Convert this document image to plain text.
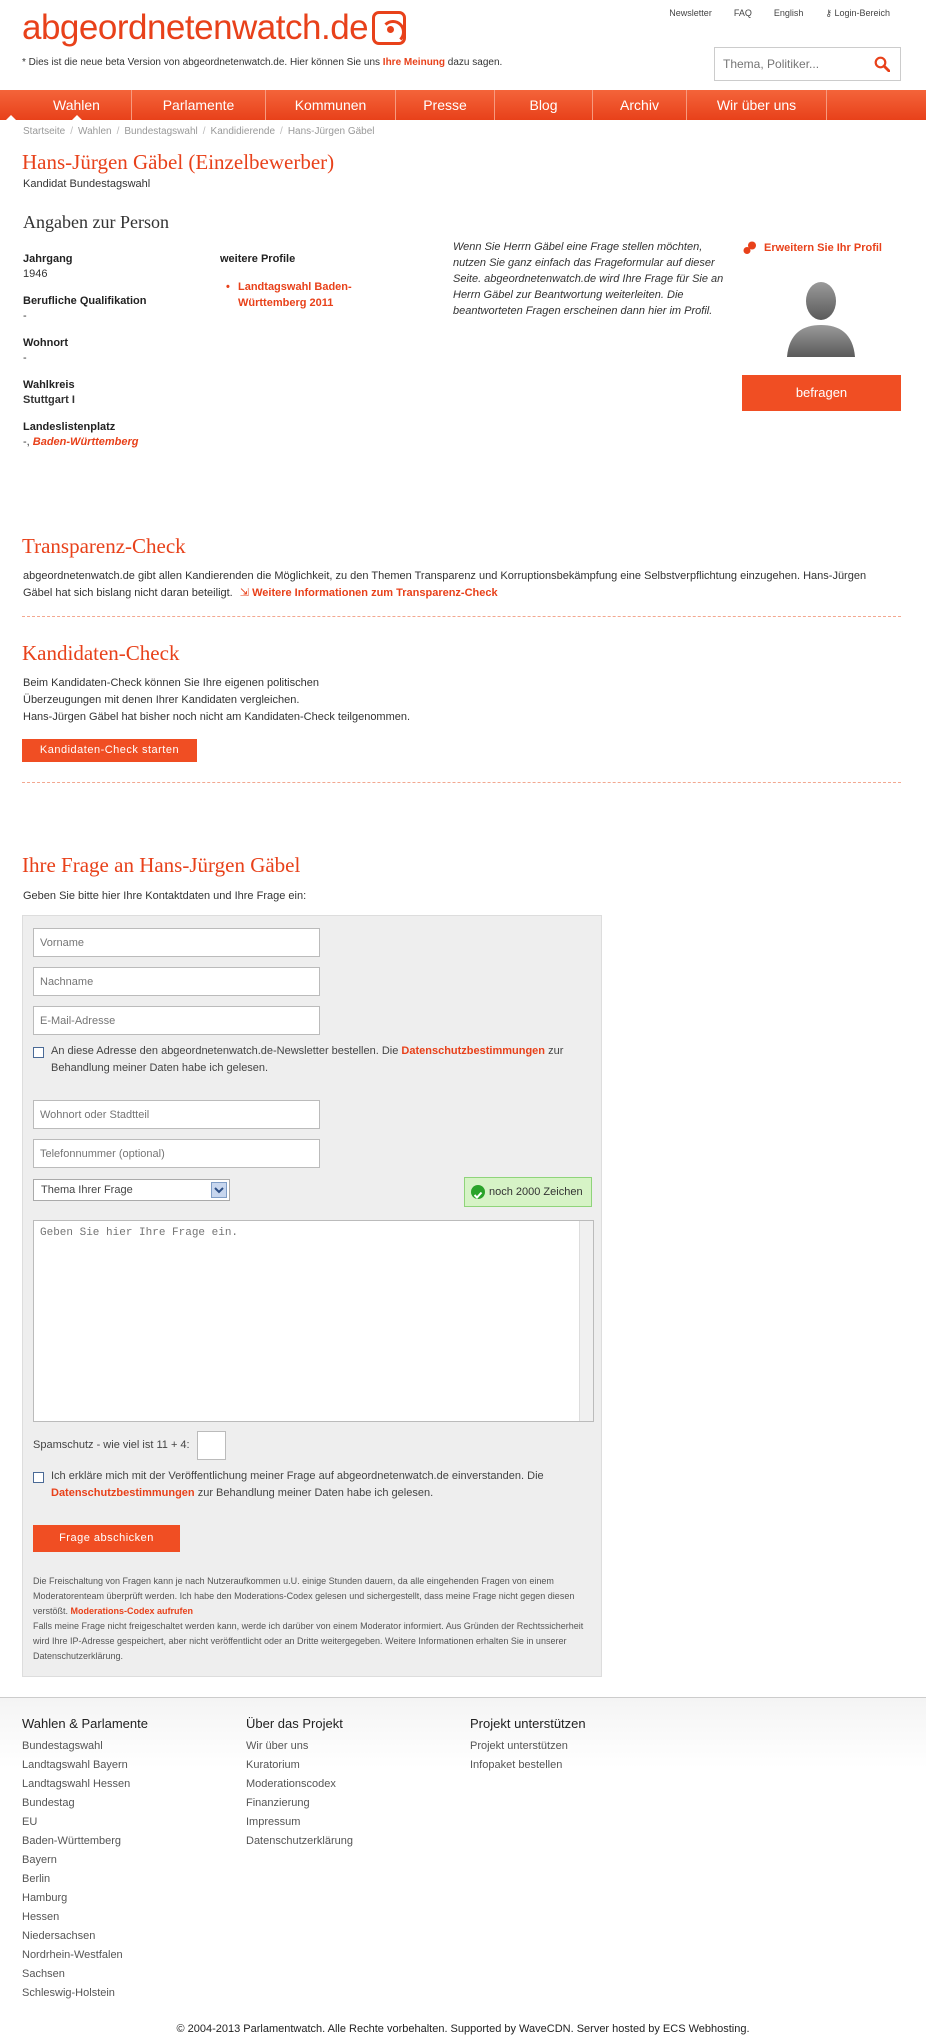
abgeordnetenwatch.de
* Dies ist die neue beta Version von abgeordnetenwatch.de. Hier können Sie uns Ihre Meinung dazu sagen.
Newsletter FAQ English ⚷ Login-Bereich
Thema, Politiker...
Wahlen	Parlamente	Kommunen	Presse	Blog	Archiv	Wir über uns
Startseite / Wahlen / Bundestagswahl / Kandidierende / Hans-Jürgen Gäbel
Hans-Jürgen Gäbel (Einzelbewerber)
Kandidat Bundestagswahl
Angaben zur Person
Jahrgang
1946
Berufliche Qualifikation
-
Wohnort
-
Wahlkreis
Stuttgart I
Landeslistenplatz
-, Baden-Württemberg
weitere Profile
• Landtagswahl Baden-Württemberg 2011
Wenn Sie Herrn Gäbel eine Frage stellen möchten, nutzen Sie ganz einfach das Frageformular auf dieser Seite. abgeordnetenwatch.de wird Ihre Frage für Sie an Herrn Gäbel zur Beantwortung weiterleiten. Die beantworteten Fragen erscheinen dann hier im Profil.
Erweitern Sie Ihr Profil
befragen
Transparenz-Check
abgeordnetenwatch.de gibt allen Kandierenden die Möglichkeit, zu den Themen Transparenz und Korruptionsbekämpfung eine Selbstverpflichtung einzugehen. Hans-Jürgen Gäbel hat sich bislang nicht daran beteiligt. ⇲ Weitere Informationen zum Transparenz-Check
Kandidaten-Check
Beim Kandidaten-Check können Sie Ihre eigenen politischen
Überzeugungen mit denen Ihrer Kandidaten vergleichen.
Hans-Jürgen Gäbel hat bisher noch nicht am Kandidaten-Check teilgenommen.
Kandidaten-Check starten
Ihre Frage an Hans-Jürgen Gäbel
Geben Sie bitte hier Ihre Kontaktdaten und Ihre Frage ein:
Vorname
Nachname
E-Mail-Adresse
An diese Adresse den abgeordnetenwatch.de-Newsletter bestellen. Die Datenschutzbestimmungen zur Behandlung meiner Daten habe ich gelesen.
Wohnort oder Stadtteil
Telefonnummer (optional)
Thema Ihrer Frage	noch 2000 Zeichen
Geben Sie hier Ihre Frage ein.
Spamschutz - wie viel ist 11 + 4:
Ich erkläre mich mit der Veröffentlichung meiner Frage auf abgeordnetenwatch.de einverstanden. Die Datenschutzbestimmungen zur Behandlung meiner Daten habe ich gelesen.
Frage abschicken
Die Freischaltung von Fragen kann je nach Nutzeraufkommen u.U. einige Stunden dauern, da alle eingehenden Fragen von einem Moderatorenteam überprüft werden. Ich habe den Moderations-Codex gelesen und sichergestellt, dass meine Frage nicht gegen diesen verstößt. Moderations-Codex aufrufen
Falls meine Frage nicht freigeschaltet werden kann, werde ich darüber von einem Moderator informiert. Aus Gründen der Rechtssicherheit wird Ihre IP-Adresse gespeichert, aber nicht veröffentlicht oder an Dritte weitergegeben. Weitere Informationen erhalten Sie in unserer Datenschutzerklärung.
Wahlen & Parlamente
Bundestagswahl
Landtagswahl Bayern
Landtagswahl Hessen
Bundestag
EU
Baden-Württemberg
Bayern
Berlin
Hamburg
Hessen
Niedersachsen
Nordrhein-Westfalen
Sachsen
Schleswig-Holstein
Über das Projekt
Wir über uns
Kuratorium
Moderationscodex
Finanzierung
Impressum
Datenschutzerklärung
Projekt unterstützen
Projekt unterstützen
Infopaket bestellen
© 2004-2013 Parlamentwatch. Alle Rechte vorbehalten. Supported by WaveCDN. Server hosted by ECS Webhosting.
